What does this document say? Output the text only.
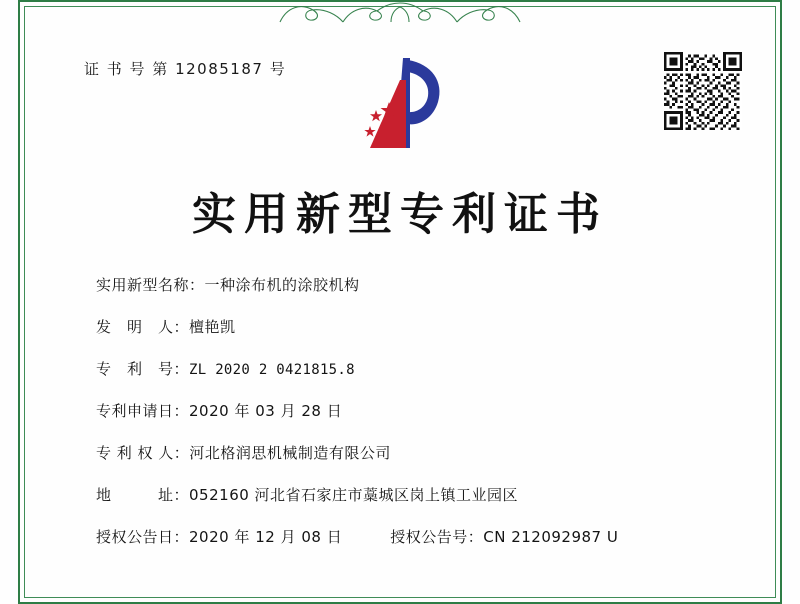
证 书 号 第 12085187 号
实用新型专利证书
实用新型名称： 一种涂布机的涂胶机构
发　明　人： 檀艳凯
专　利　号： ZL 2020 2 0421815.8
专利申请日： 2020 年 03 月 28 日
专 利 权 人： 河北格润思机械制造有限公司
地　　　址： 052160 河北省石家庄市藁城区岗上镇工业园区
授权公告日：2020 年 12 月 08 日	授权公告号：CN 212092987 U
